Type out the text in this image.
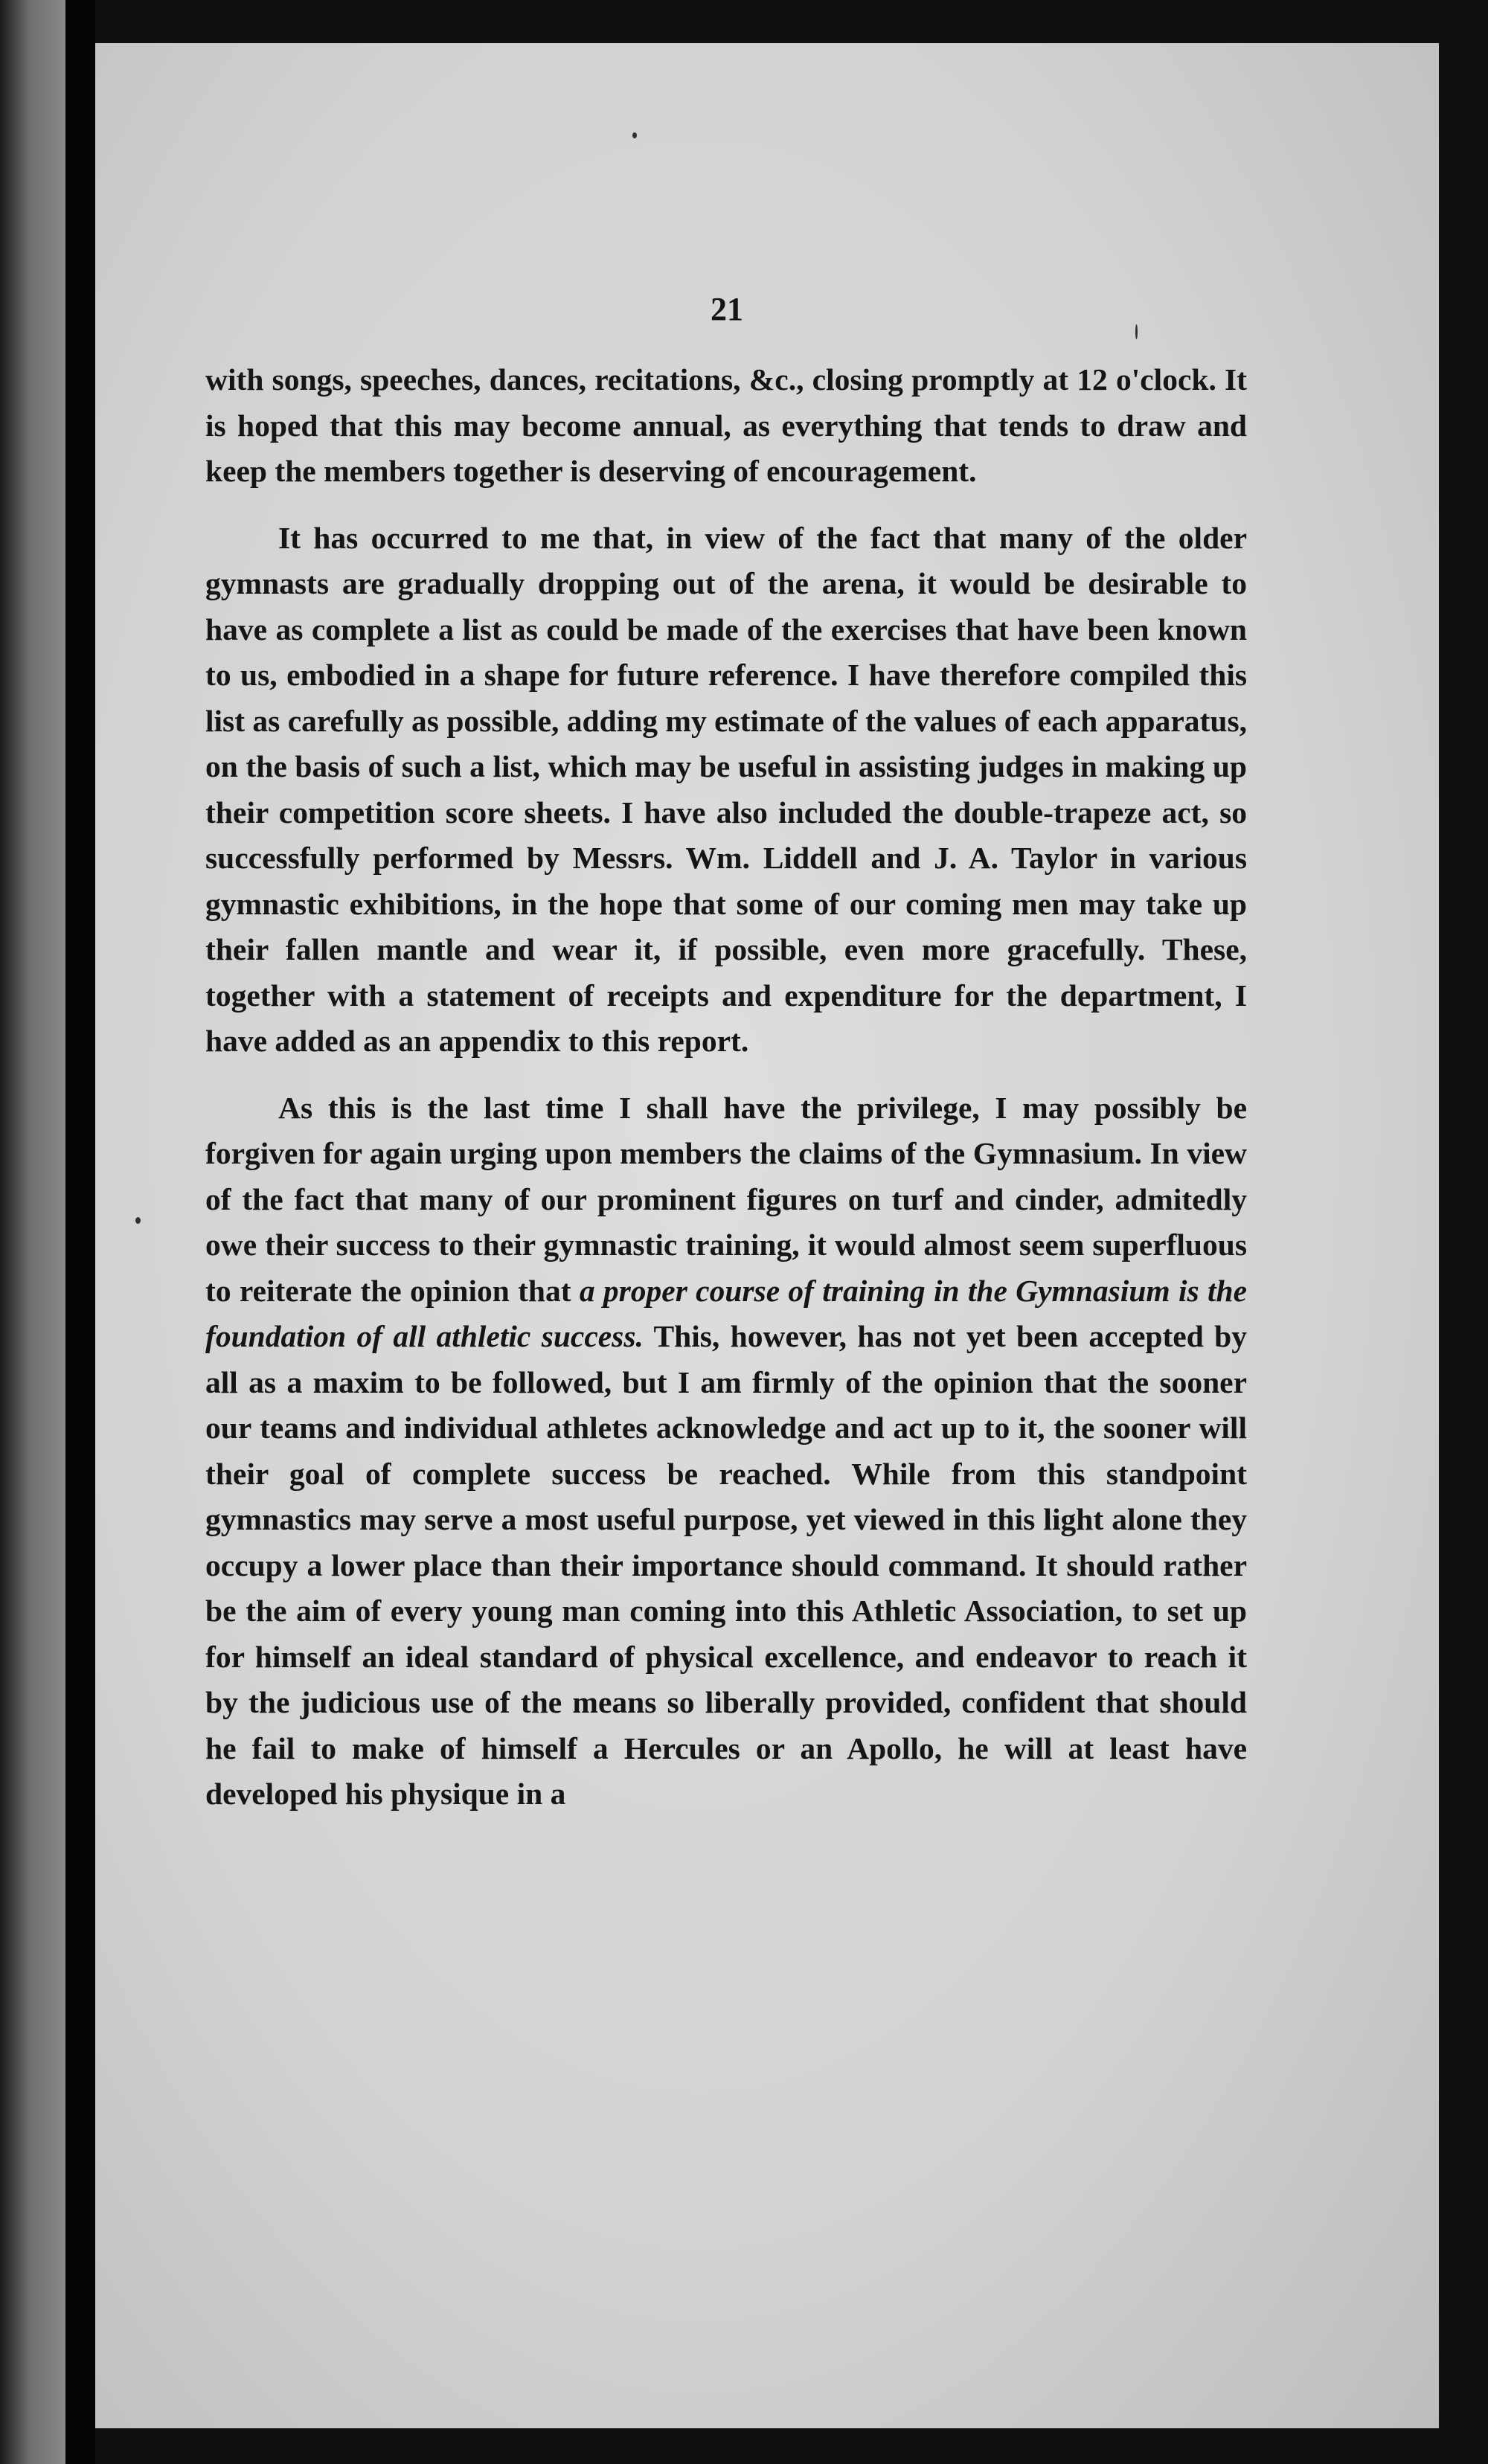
21

with songs, speeches, dances, recitations, &c., closing promptly at 12 o'clock. It is hoped that this may become annual, as everything that tends to draw and keep the members together is deserving of encouragement.

It has occurred to me that, in view of the fact that many of the older gymnasts are gradually dropping out of the arena, it would be desirable to have as complete a list as could be made of the exercises that have been known to us, embodied in a shape for future reference. I have therefore compiled this list as carefully as possible, adding my estimate of the values of each apparatus, on the basis of such a list, which may be useful in assisting judges in making up their competition score sheets. I have also included the double-trapeze act, so successfully performed by Messrs. Wm. Liddell and J. A. Taylor in various gymnastic exhibitions, in the hope that some of our coming men may take up their fallen mantle and wear it, if possible, even more gracefully. These, together with a statement of receipts and expenditure for the department, I have added as an appendix to this report.

As this is the last time I shall have the privilege, I may possibly be forgiven for again urging upon members the claims of the Gymnasium. In view of the fact that many of our prominent figures on turf and cinder, admitedly owe their success to their gymnastic training, it would almost seem superfluous to reiterate the opinion that a proper course of training in the Gymnasium is the foundation of all athletic success. This, however, has not yet been accepted by all as a maxim to be followed, but I am firmly of the opinion that the sooner our teams and individual athletes acknowledge and act up to it, the sooner will their goal of complete success be reached. While from this standpoint gymnastics may serve a most useful purpose, yet viewed in this light alone they occupy a lower place than their importance should command. It should rather be the aim of every young man coming into this Athletic Association, to set up for himself an ideal standard of physical excellence, and endeavor to reach it by the judicious use of the means so liberally provided, confident that should he fail to make of himself a Hercules or an Apollo, he will at least have developed his physique in a
